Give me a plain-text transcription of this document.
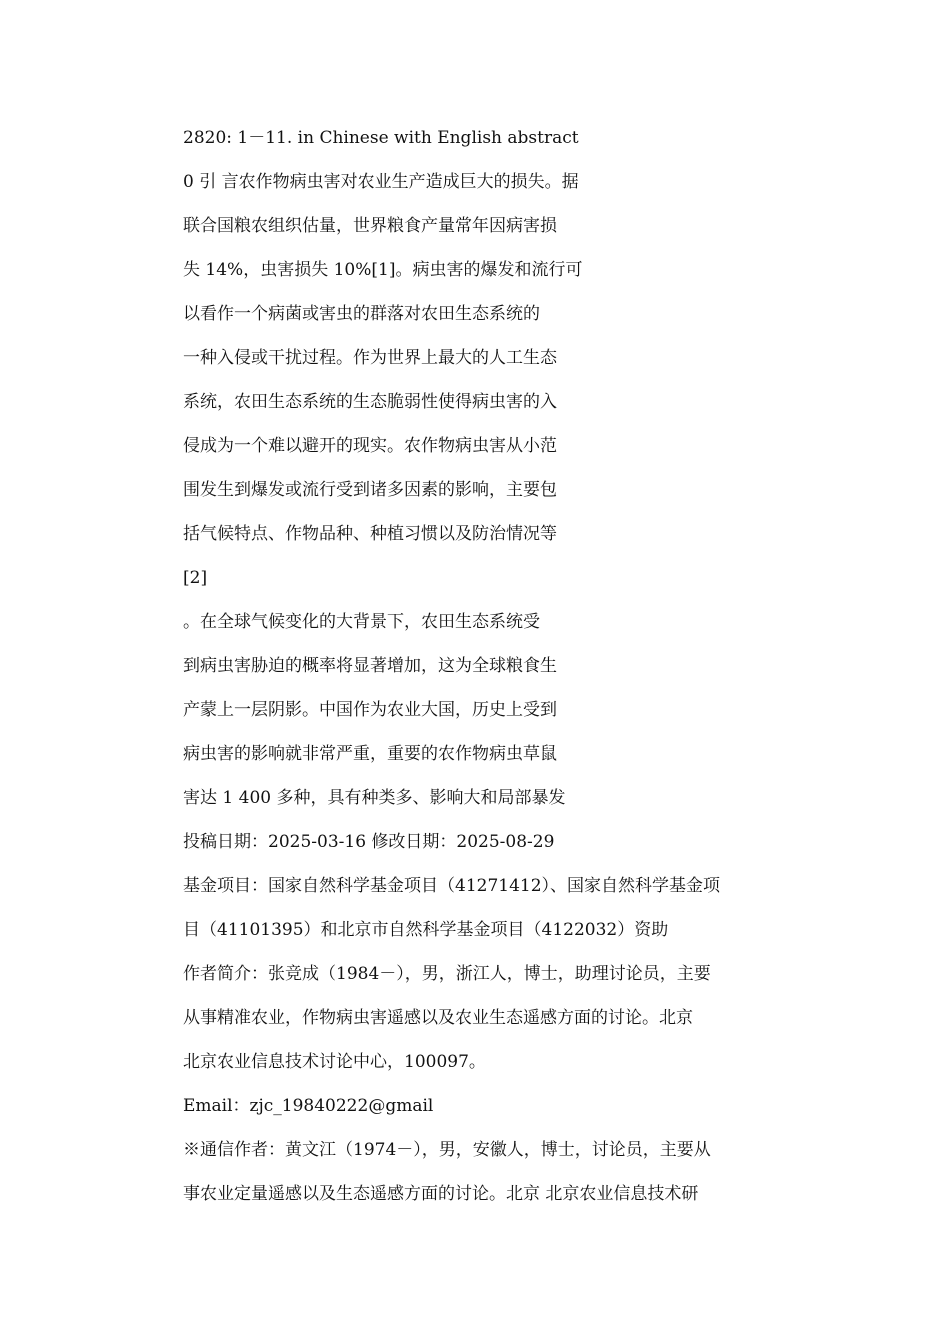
2820: 1－11. in Chinese with English abstract
0 引 言农作物病虫害对农业生产造成巨大的损失。据
联合国粮农组织估量，世界粮食产量常年因病害损
失 14%，虫害损失 10%[1]。病虫害的爆发和流行可
以看作一个病菌或害虫的群落对农田生态系统的
一种入侵或干扰过程。作为世界上最大的人工生态
系统，农田生态系统的生态脆弱性使得病虫害的入
侵成为一个难以避开的现实。农作物病虫害从小范
围发生到爆发或流行受到诸多因素的影响，主要包
括气候特点、作物品种、种植习惯以及防治情况等
[2]
。在全球气候变化的大背景下，农田生态系统受
到病虫害胁迫的概率将显著增加，这为全球粮食生
产蒙上一层阴影。中国作为农业大国，历史上受到
病虫害的影响就非常严重，重要的农作物病虫草鼠
害达 1 400 多种，具有种类多、影响大和局部暴发
投稿日期：2025-03-16 修改日期：2025-08-29
基金项目：国家自然科学基金项目（41271412）、国家自然科学基金项
目（41101395）和北京市自然科学基金项目（4122032）资助
作者简介：张竞成（1984－），男，浙江人，博士，助理讨论员，主要
从事精准农业，作物病虫害遥感以及农业生态遥感方面的讨论。北京
北京农业信息技术讨论中心，100097。
Email：zjc_19840222@gmail
※通信作者：黄文江（1974－），男，安徽人，博士，讨论员，主要从
事农业定量遥感以及生态遥感方面的讨论。北京 北京农业信息技术研
